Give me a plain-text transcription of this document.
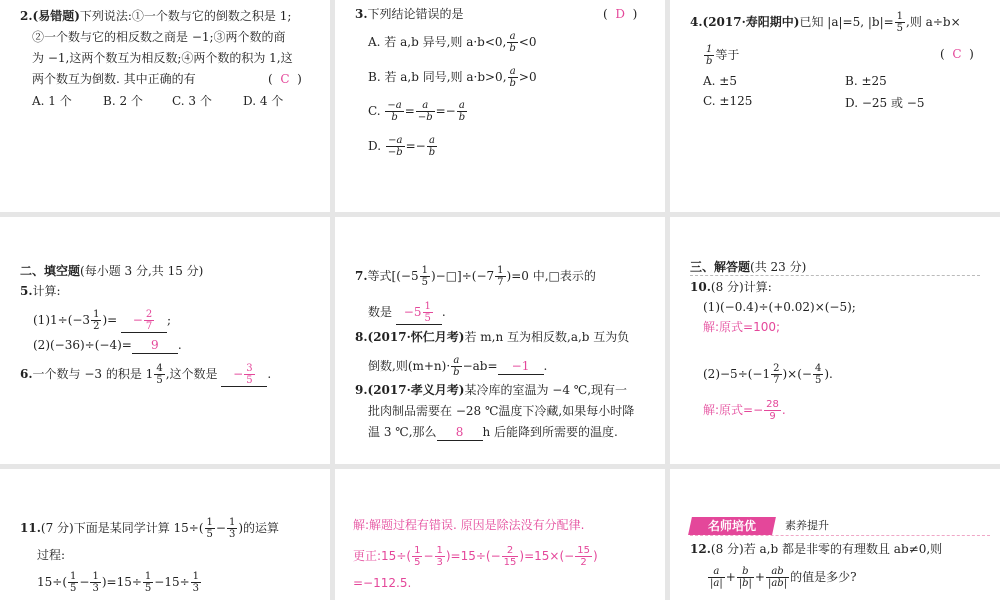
2.(易错题)下列说法:①一个数与它的倒数之积是 1;
②一个数与它的相反数之商是 −1;③两个数的商
为 −1,这两个数互为相反数;④两个数的积为 1,这
两个数互为倒数. 其中正确的有	(  C  )
A. 1 个	B. 2 个 C. 3 个	D. 4 个
3.下列结论错误的是	(  D  )
A. 若 a,b 异号,则 a·b<0, $\frac{a}{b} <0$
B. 若 a,b 同号,则 a·b>0, $\frac{a}{b} >0$
C. $\frac{-a}{b} = \frac{a}{-b} =- \frac{a}{b}$
D. $\frac{-a}{-b} =- \frac{a}{b}$
4.(2017·寿阳期中)已知 |a|=5, $|b|= \frac{1}{5}$ ,则 a÷b×
$\frac{1}{b}$ 等于	(  C  )
A. ±5	B. ±25
C. ±125	D. −25 或 −5
二、填空题(每小题 3 分,共 15 分)
5.计算:
$(1)1\div(-3 \frac{1}{2}$ )= − $\frac{2}{7}$ ;
(2)(−36)÷(−4)= 9 .
6.一个数与 −3 的积是 $1 \frac{4}{5}$ ,这个数是 − $\frac{3}{5}$ .
7.等式[($-5 \frac{1}{5}$ )−□]÷(−7 $\frac{1}{7} )=0$ 中,□表示的
数是 $-5 \frac{1}{5}$ .
8.(2017·怀仁月考)若 m,n 互为相反数,a,b 互为负
倒数,则$(m+n)\cdot \frac{a}{b} -ab= -1$ .
9.(2017·孝义月考)某冷库的室温为 −4 ℃,现有一
批肉制品需要在 −28 ℃温度下冷藏,如果每小时降
温 3 ℃,那么 8 h 后能降到所需要的温度.
三、解答题(共 23 分)
10.(8 分)计算:
(1)(−0.4)÷(+0.02)×(−5);
解:原式=100;
$(2)-5\div(-1 \frac{2}{7}$ )×(− $\frac{4}{5}$ ).
解:原式=− $\frac{28}{9}$ .
11.(7 分)下面是某同学计算 $15\div( \frac{1}{5} - \frac{1}{3}$ )的运算
过程:
$15\div( \frac{1}{5} - \frac{1}{3} )=15\div \frac{1}{5} -15\div \frac{1}{3}$
解:解题过程有错误. 原因是除法没有分配律.
更正:15÷( $\frac{1}{5} - \frac{1}{3} )=15\div(- \frac{2}{15} )=15\times(- \frac{15}{2}$ )
=−112.5.
名师培优	素养提升
12.(8 分)若 a,b 都是非零的有理数且 ab≠0,则
$\frac{a}{|a|} + \frac{b}{|b|} + \frac{ab}{|ab|}$ 的值是多少?
